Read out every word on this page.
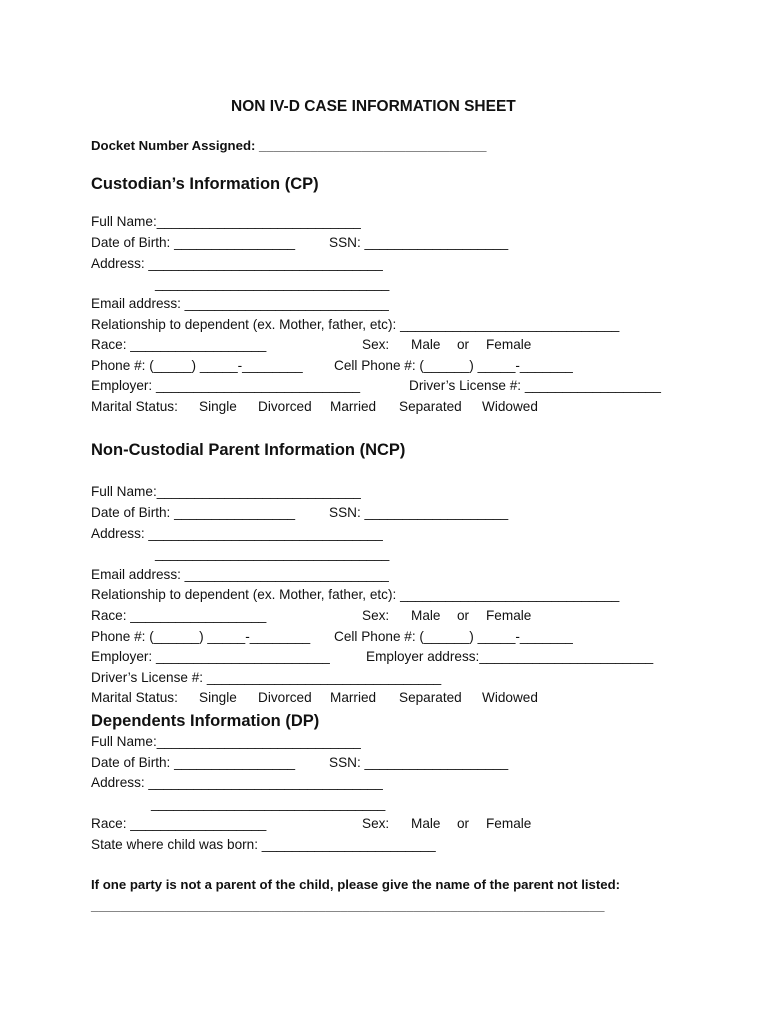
NON IV-D CASE INFORMATION SHEET
Docket Number Assigned: _______________________________
Custodian’s Information (CP)
Full Name:___________________________
Date of Birth: ________________ SSN: ___________________
Address: _______________________________
_______________________________
Email address: ___________________________
Relationship to dependent (ex. Mother, father, etc): _____________________________
Race: __________________	Sex: Male or Female
Phone #: (_____) _____-________ Cell Phone #: (______) _____-_______
Employer: ___________________________	Driver’s License #: __________________
Marital Status: Single Divorced Married Separated Widowed
Non-Custodial Parent Information (NCP)
Full Name:___________________________
Date of Birth: ________________ SSN: ___________________
Address: _______________________________
_______________________________
Email address: ___________________________
Relationship to dependent (ex. Mother, father, etc): _____________________________
Race: __________________	Sex: Male or Female
Phone #: (______) _____-________ Cell Phone #: (______) _____-_______
Employer: _______________________	Employer address:_______________________
Driver’s License #: _______________________________
Marital Status: Single Divorced Married Separated Widowed
Dependents Information (DP)
Full Name:___________________________
Date of Birth: ________________ SSN: ___________________
Address: _______________________________
_______________________________
Race: __________________	Sex: Male or Female
State where child was born: _______________________
If one party is not a parent of the child, please give the name of the parent not listed:
______________________________________________________________________
